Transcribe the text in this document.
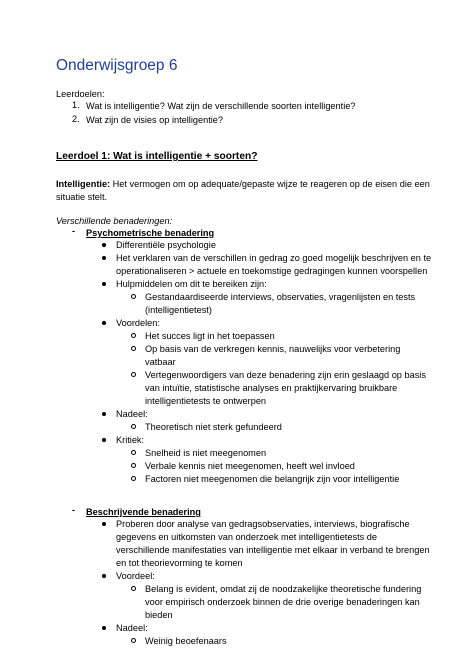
Onderwijsgroep 6
Leerdoelen:
1. Wat is intelligentie? Wat zijn de verschillende soorten intelligentie?
2. Wat zijn de visies op intelligentie?
Leerdoel 1: Wat is intelligentie + soorten?
Intelligentie: Het vermogen om op adequate/gepaste wijze te reageren op de eisen die een
situatie stelt.
Verschillende benaderingen:
- Psychometrische benadering
Differentiële psychologie
Het verklaren van de verschillen in gedrag zo goed mogelijk beschrijven en te
operationaliseren > actuele en toekomstige gedragingen kunnen voorspellen
Hulpmiddelen om dit te bereiken zijn:
Gestandaardiseerde interviews, observaties, vragenlijsten en tests
(intelligentietest)
Voordelen:
Het succes ligt in het toepassen
Op basis van de verkregen kennis, nauwelijks voor verbetering
vatbaar
Vertegenwoordigers van deze benadering zijn erin geslaagd op basis
van intuïtie, statistische analyses en praktijkervaring bruikbare
intelligentietests te ontwerpen
Nadeel:
Theoretisch niet sterk gefundeerd
Kritiek:
Snelheid is niet meegenomen
Verbale kennis niet meegenomen, heeft wel invloed
Factoren niet meegenomen die belangrijk zijn voor intelligentie
- Beschrijvende benadering
Proberen door analyse van gedragsobservaties, interviews, biografische
gegevens en uitkomsten van onderzoek met intelligentietests de
verschillende manifestaties van intelligentie met elkaar in verband te brengen
en tot theorievorming te komen
Voordeel:
Belang is evident, omdat zij de noodzakelijke theoretische fundering
voor empirisch onderzoek binnen de drie overige benaderingen kan
bieden
Nadeel:
Weinig beoefenaars
